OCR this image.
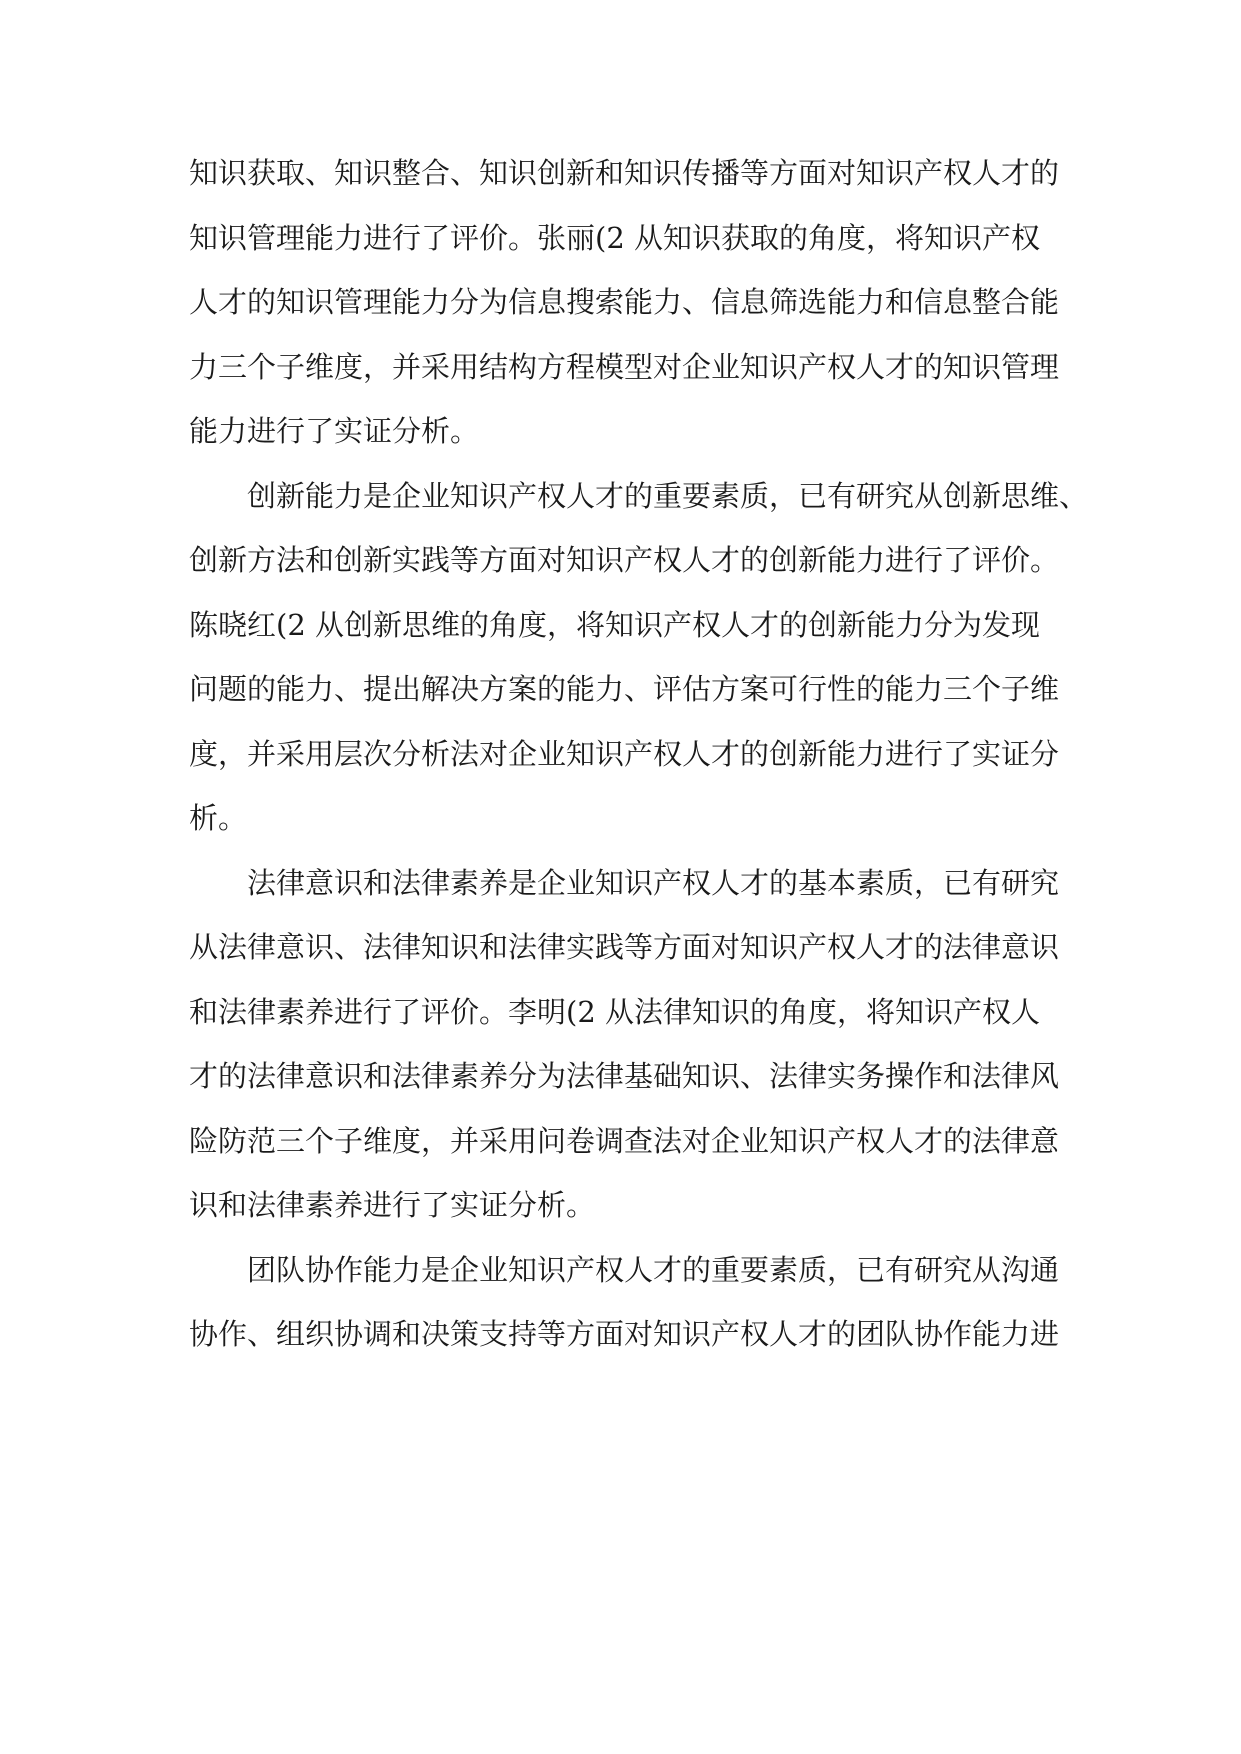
知识获取、知识整合、知识创新和知识传播等方面对知识产权人才的
知识管理能力进行了评价。张丽(2 从知识获取的角度，将知识产权
人才的知识管理能力分为信息搜索能力、信息筛选能力和信息整合能
力三个子维度，并采用结构方程模型对企业知识产权人才的知识管理
能力进行了实证分析。
创新能力是企业知识产权人才的重要素质，已有研究从创新思维、
创新方法和创新实践等方面对知识产权人才的创新能力进行了评价。
陈晓红(2 从创新思维的角度，将知识产权人才的创新能力分为发现
问题的能力、提出解决方案的能力、评估方案可行性的能力三个子维
度，并采用层次分析法对企业知识产权人才的创新能力进行了实证分
析。
法律意识和法律素养是企业知识产权人才的基本素质，已有研究
从法律意识、法律知识和法律实践等方面对知识产权人才的法律意识
和法律素养进行了评价。李明(2 从法律知识的角度，将知识产权人
才的法律意识和法律素养分为法律基础知识、法律实务操作和法律风
险防范三个子维度，并采用问卷调查法对企业知识产权人才的法律意
识和法律素养进行了实证分析。
团队协作能力是企业知识产权人才的重要素质，已有研究从沟通
协作、组织协调和决策支持等方面对知识产权人才的团队协作能力进
